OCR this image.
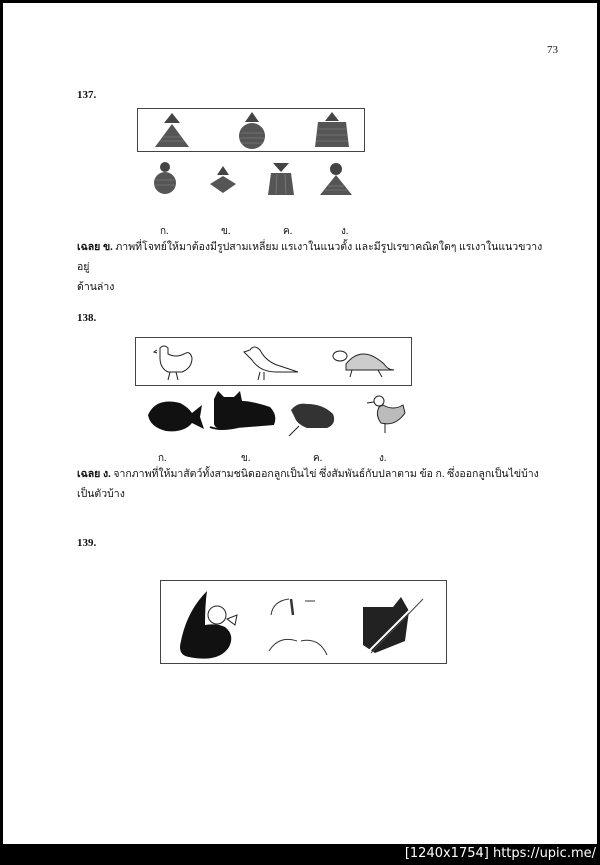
73
137.
ก.	ข.	ค.	ง.
เฉลย ข. ภาพที่โจทย์ให้มาต้องมีรูปสามเหลี่ยม แรเงาในแนวตั้ง และมีรูปเรขาคณิตใดๆ แรเงาในแนวขวางอยู่
ด้านล่าง
138.
ก.	ข.	ค.	ง.
เฉลย ง. จากภาพที่ให้มาสัตว์ทั้งสามชนิดออกลูกเป็นไข่ ซึ่งสัมพันธ์กับปลาตาม ข้อ ก. ซึ่งออกลูกเป็นไข่บ้าง
เป็นตัวบ้าง
139.
[1240x1754] https://upic.me/
